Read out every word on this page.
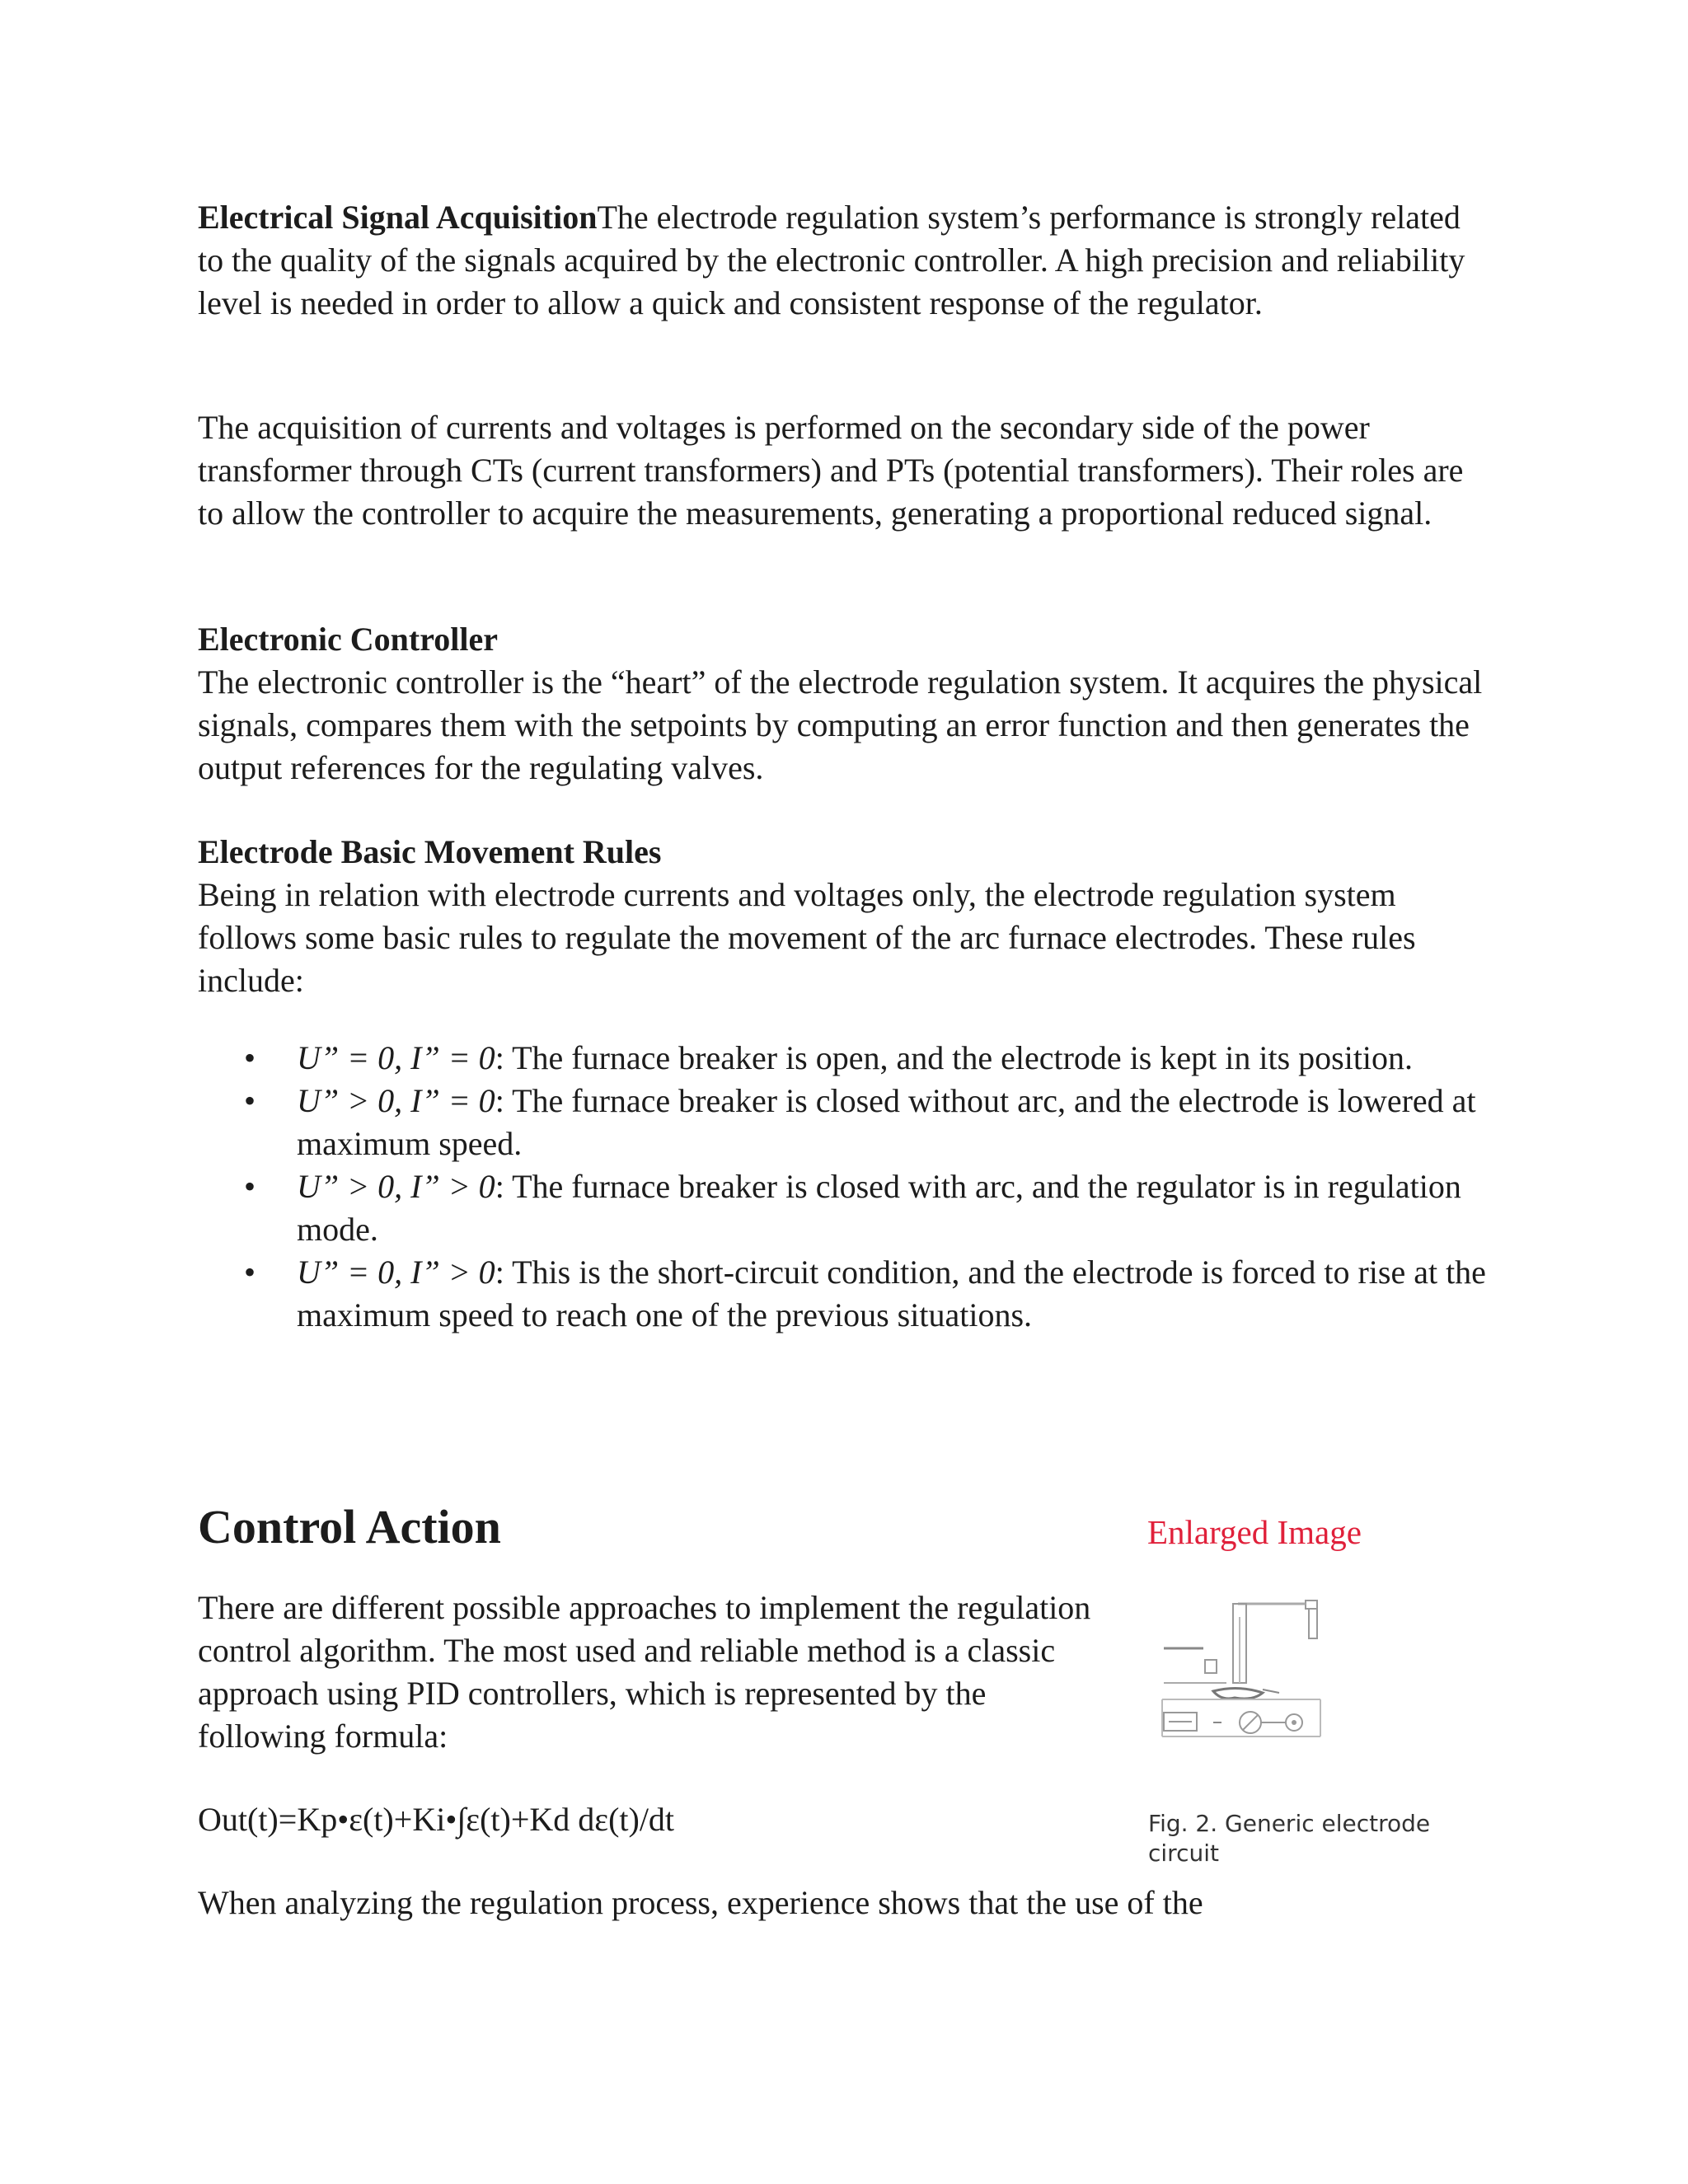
Electrical Signal AcquisitionThe electrode regulation system’s performance is strongly related to the quality of the signals acquired by the electronic controller. A high precision and reliability level is needed in order to allow a quick and consistent response of the regulator.

The acquisition of currents and voltages is performed on the secondary side of the power transformer through CTs (current transformers) and PTs (potential transformers). Their roles are to allow the controller to acquire the measurements, generating a proportional reduced signal.

Electronic Controller

The electronic controller is the “heart” of the electrode regulation system. It acquires the physical signals, compares them with the setpoints by computing an error function and then generates the output references for the regulating valves.

Electrode Basic Movement Rules

Being in relation with electrode currents and voltages only, the electrode regulation system follows some basic rules to regulate the movement of the arc furnace electrodes. These rules include:

• U” = 0, I” = 0: The furnace breaker is open, and the electrode is kept in its position.
• U” > 0, I” = 0: The furnace breaker is closed without arc, and the electrode is lowered at maximum speed.
• U” > 0, I” > 0: The furnace breaker is closed with arc, and the regulator is in regulation mode.
• U” = 0, I” > 0: This is the short-circuit condition, and the electrode is forced to rise at the maximum speed to reach one of the previous situations.
Control Action	Enlarged Image
There are different possible approaches to implement the regulation control algorithm. The most used and reliable method is a classic approach using PID controllers, which is represented by the following formula:
Out(t)=Kp•ε(t)+Ki•∫ε(t)+Kd dε(t)/dt	Fig. 2. Generic electrode circuit
When analyzing the regulation process, experience shows that the use of the
